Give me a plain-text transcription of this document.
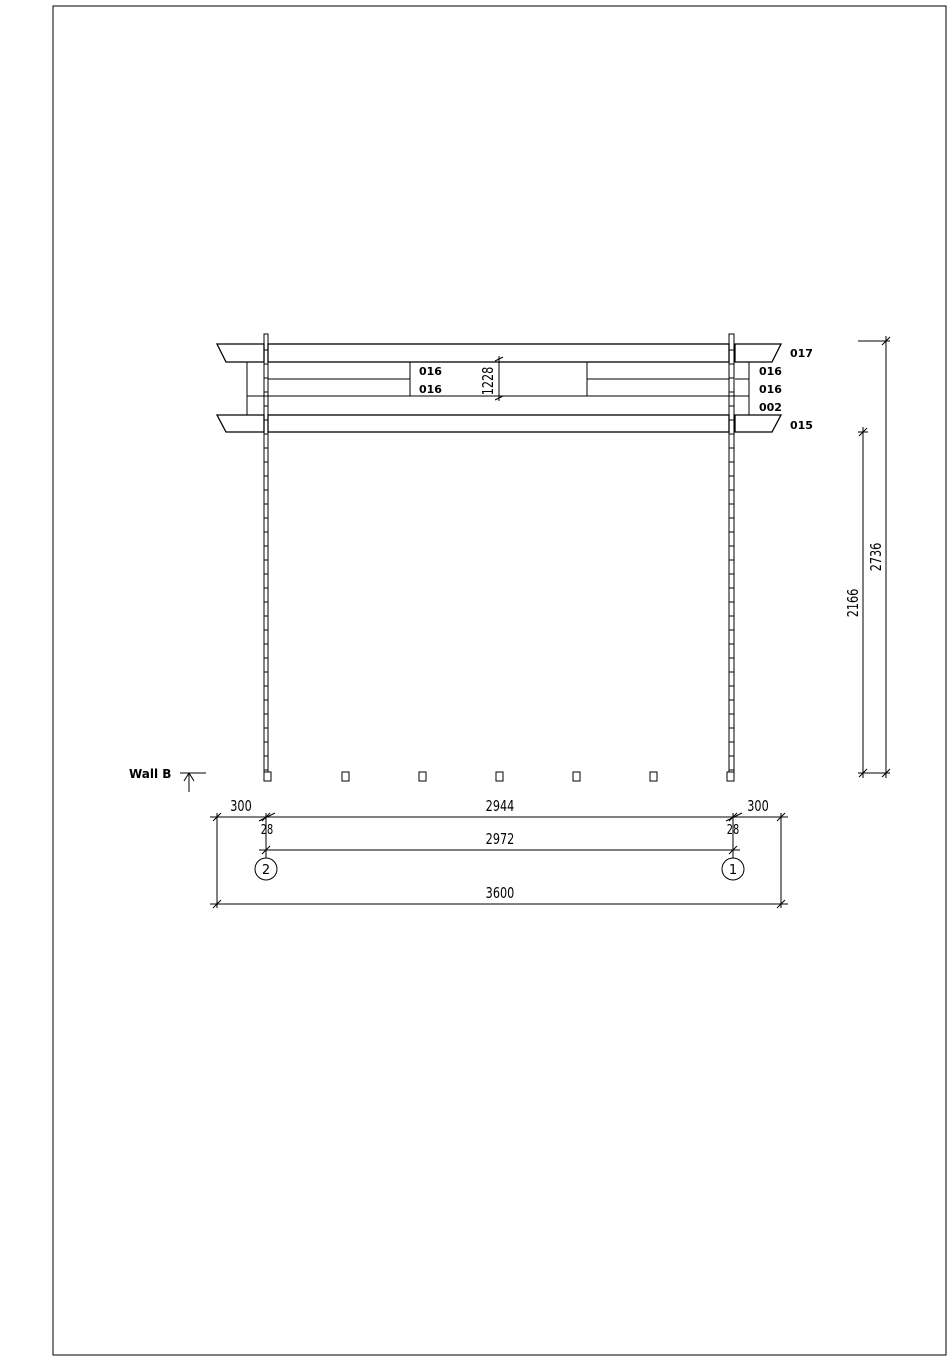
017
016
016
016
016
002
015
1228
2166
2736
Wall B
300	2944	300
28	28
2972
3600
2	1
